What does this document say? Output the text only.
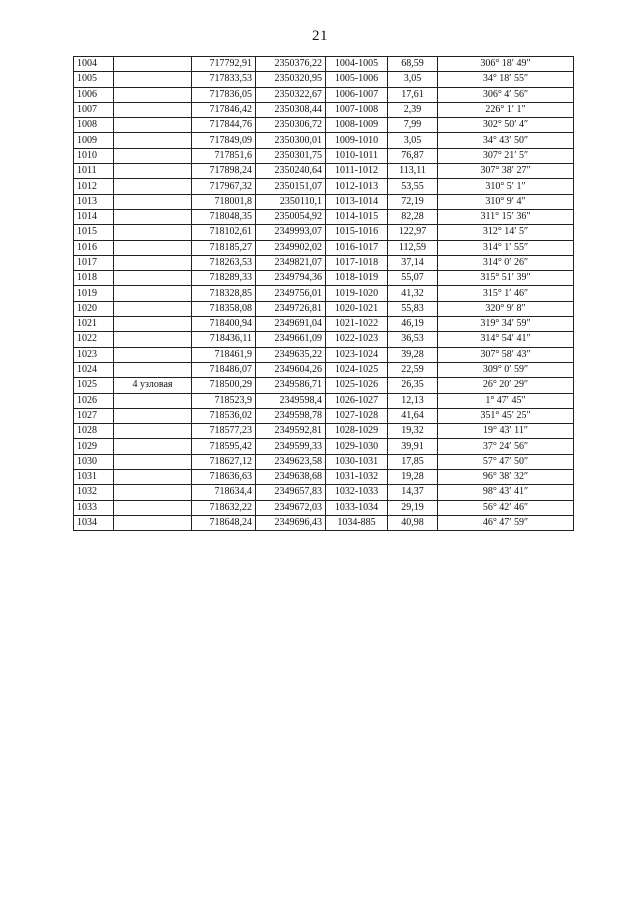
21
1004		717792,91	2350376,22	1004-1005	68,59	306° 18′ 49″
1005		717833,53	2350320,95	1005-1006	3,05	34° 18′ 55″
1006		717836,05	2350322,67	1006-1007	17,61	306° 4′ 56″
1007		717846,42	2350308,44	1007-1008	2,39	226° 1′ 1″
1008		717844,76	2350306,72	1008-1009	7,99	302° 50′ 4″
1009		717849,09	2350300,01	1009-1010	3,05	34° 43′ 50″
1010		717851,6	2350301,75	1010-1011	76,87	307° 21′ 5″
1011		717898,24	2350240,64	1011-1012	113,11	307° 38′ 27″
1012		717967,32	2350151,07	1012-1013	53,55	310° 5′ 1″
1013		718001,8	2350110,1	1013-1014	72,19	310° 9′ 4″
1014		718048,35	2350054,92	1014-1015	82,28	311° 15′ 36″
1015		718102,61	2349993,07	1015-1016	122,97	312° 14′ 5″
1016		718185,27	2349902,02	1016-1017	112,59	314° 1′ 55″
1017		718263,53	2349821,07	1017-1018	37,14	314° 0′ 26″
1018		718289,33	2349794,36	1018-1019	55,07	315° 51′ 39″
1019		718328,85	2349756,01	1019-1020	41,32	315° 1′ 46″
1020		718358,08	2349726,81	1020-1021	55,83	320° 9′ 8″
1021		718400,94	2349691,04	1021-1022	46,19	319° 34′ 59″
1022		718436,11	2349661,09	1022-1023	36,53	314° 54′ 41″
1023		718461,9	2349635,22	1023-1024	39,28	307° 58′ 43″
1024		718486,07	2349604,26	1024-1025	22,59	309° 0′ 59″
1025	4 узловая	718500,29	2349586,71	1025-1026	26,35	26° 20′ 29″
1026		718523,9	2349598,4	1026-1027	12,13	1° 47′ 45″
1027		718536,02	2349598,78	1027-1028	41,64	351° 45′ 25″
1028		718577,23	2349592,81	1028-1029	19,32	19° 43′ 11″
1029		718595,42	2349599,33	1029-1030	39,91	37° 24′ 56″
1030		718627,12	2349623,58	1030-1031	17,85	57° 47′ 50″
1031		718636,63	2349638,68	1031-1032	19,28	96° 38′ 32″
1032		718634,4	2349657,83	1032-1033	14,37	98° 43′ 41″
1033		718632,22	2349672,03	1033-1034	29,19	56° 42′ 46″
1034		718648,24	2349696,43	1034-885	40,98	46° 47′ 59″
